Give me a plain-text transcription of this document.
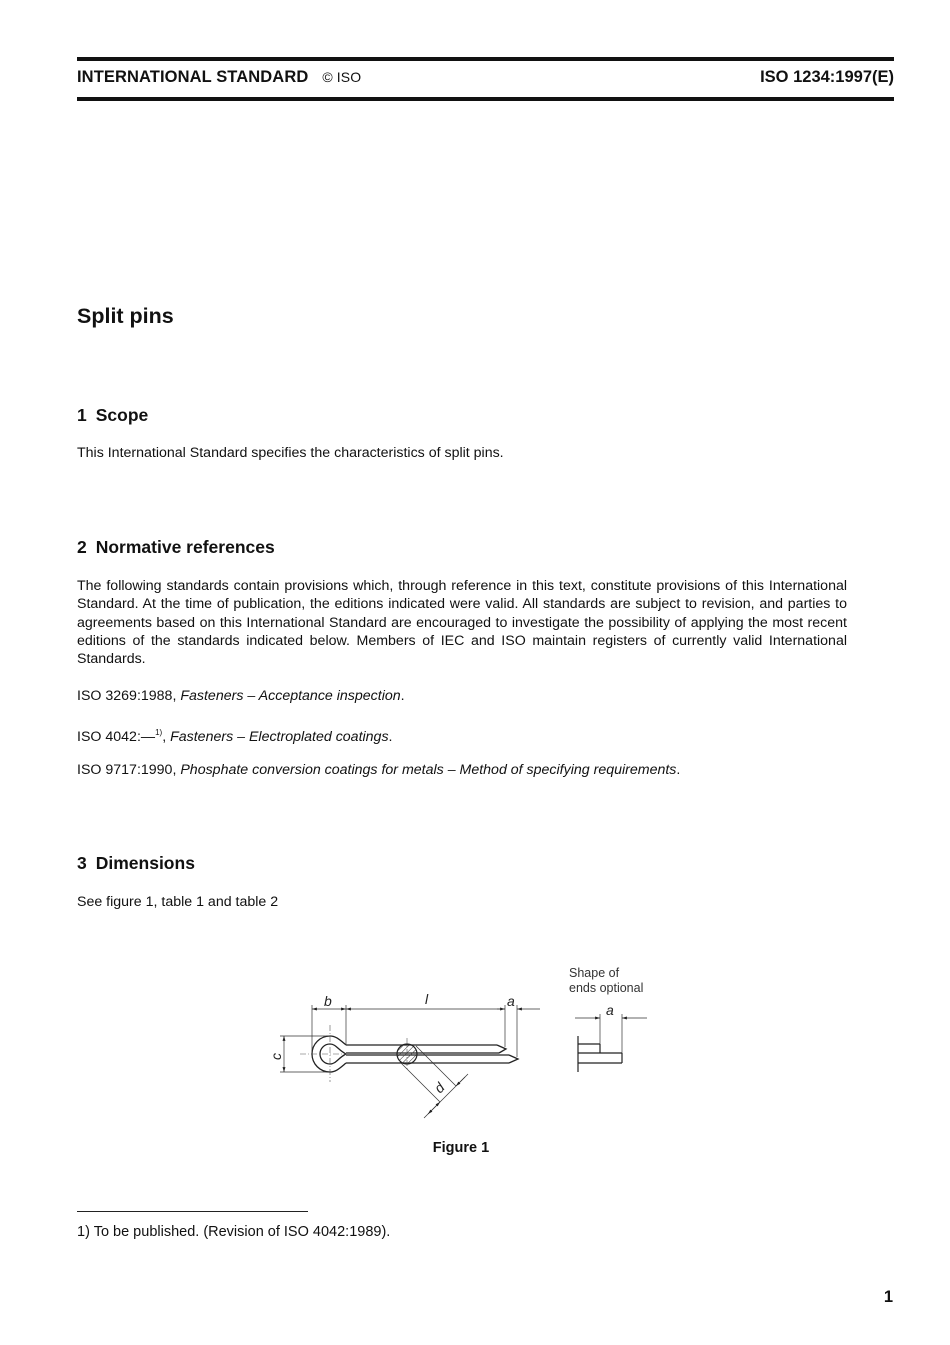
INTERNATIONAL STANDARD © ISO	ISO 1234:1997(E)
Split pins
1 Scope
This International Standard specifies the characteristics of split pins.
2 Normative references
The following standards contain provisions which, through reference in this text, constitute provisions of this International Standard. At the time of publication, the editions indicated were valid. All standards are subject to revision, and parties to agreements based on this International Standard are encouraged to investigate the possibility of applying the most recent editions of the standards indicated below. Members of IEC and ISO maintain registers of currently valid International Standards.
ISO 3269:1988, Fasteners – Acceptance inspection.
ISO 4042:—$^{1)}$, Fasteners – Electroplated coatings.
ISO 9717:1990, Phosphate conversion coatings for metals – Method of specifying requirements.
3 Dimensions
See figure 1, table 1 and table 2
b	l	a
a
c
d
Shape of
ends optional
Figure 1
1) To be published. (Revision of ISO 4042:1989).
1
